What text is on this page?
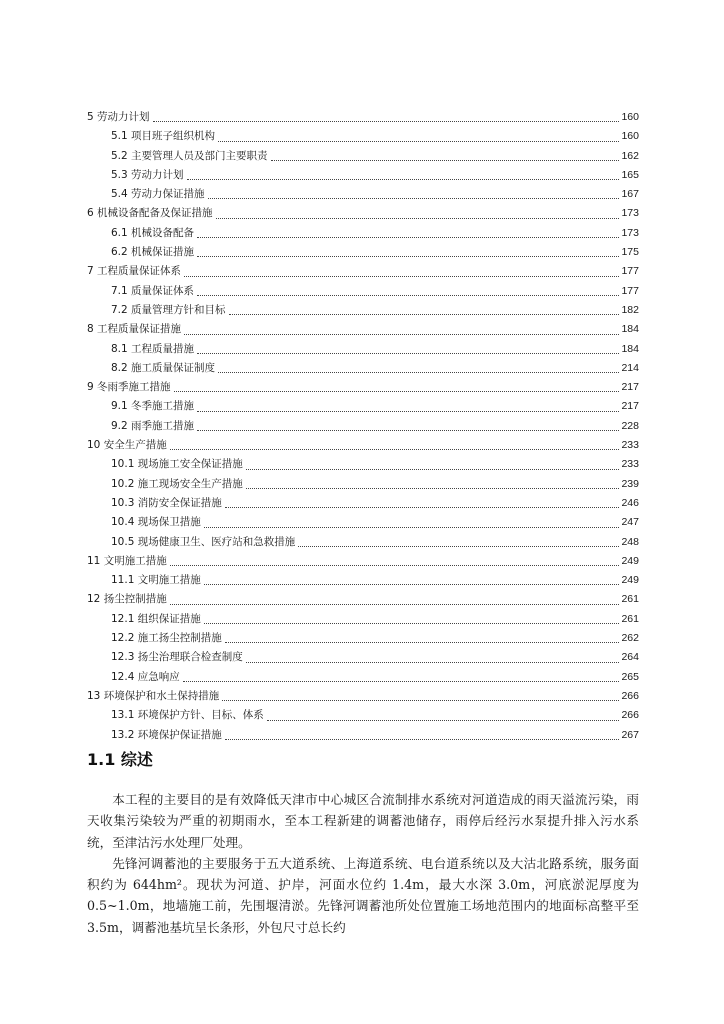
5 劳动力计划	160
5.1 项目班子组织机构	160
5.2 主要管理人员及部门主要职责	162
5.3 劳动力计划	165
5.4 劳动力保证措施	167
6 机械设备配备及保证措施	173
6.1 机械设备配备	173
6.2 机械保证措施	175
7 工程质量保证体系	177
7.1 质量保证体系	177
7.2 质量管理方针和目标	182
8 工程质量保证措施	184
8.1 工程质量措施	184
8.2 施工质量保证制度	214
9 冬雨季施工措施	217
9.1 冬季施工措施	217
9.2 雨季施工措施	228
10 安全生产措施	233
10.1 现场施工安全保证措施	233
10.2 施工现场安全生产措施	239
10.3 消防安全保证措施	246
10.4 现场保卫措施	247
10.5 现场健康卫生、医疗站和急救措施	248
11 文明施工措施	249
11.1 文明施工措施	249
12 扬尘控制措施	261
12.1 组织保证措施	261
12.2 施工扬尘控制措施	262
12.3 扬尘治理联合检查制度	264
12.4 应急响应	265
13 环境保护和水土保持措施	266
13.1 环境保护方针、目标、体系	266
13.2 环境保护保证措施	267
1.1 综述

本工程的主要目的是有效降低天津市中心城区合流制排水系统对河道造成的雨天溢流污染，雨天收集污染较为严重的初期雨水，至本工程新建的调蓄池储存，雨停后经污水泵提升排入污水系统，至津沽污水处理厂处理。

先锋河调蓄池的主要服务于五大道系统、上海道系统、电台道系统以及大沽北路系统，服务面积约为 644hm²。现状为河道、护岸，河面水位约 1.4m，最大水深 3.0m，河底淤泥厚度为 0.5~1.0m，地墙施工前，先围堰清淤。先锋河调蓄池所处位置施工场地范围内的地面标高整平至 3.5m，调蓄池基坑呈长条形，外包尺寸总长约
